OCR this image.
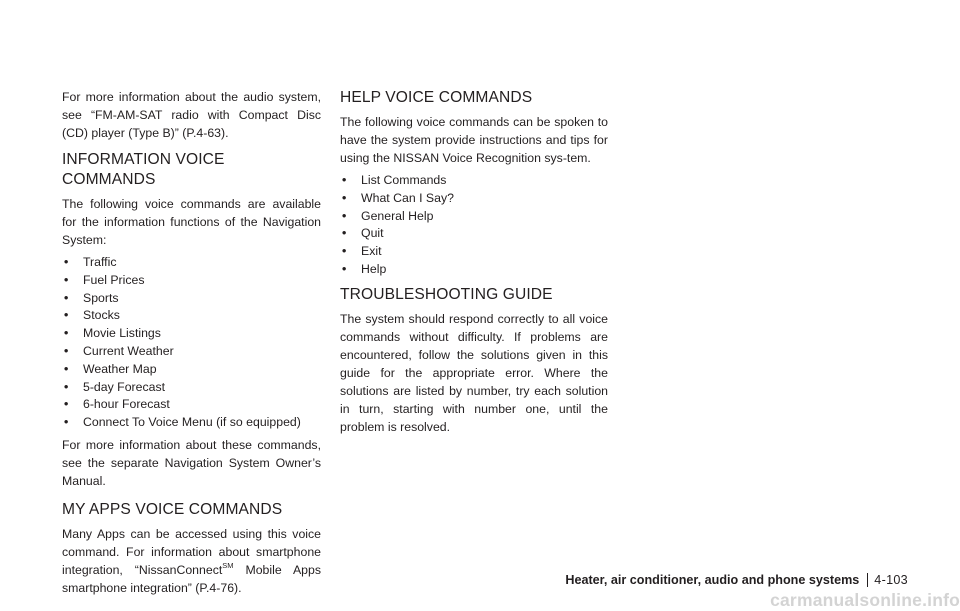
For more information about the audio system, see “FM-AM-SAT radio with Compact Disc (CD) player (Type B)” (P.4-63).

INFORMATION VOICE COMMANDS

The following voice commands are available for the information functions of the Navigation System:

• Traffic
• Fuel Prices
• Sports
• Stocks
• Movie Listings
• Current Weather
• Weather Map
• 5-day Forecast
• 6-hour Forecast
• Connect To Voice Menu (if so equipped)

For more information about these commands, see the separate Navigation System Owner’s Manual.

MY APPS VOICE COMMANDS

Many Apps can be accessed using this voice command. For information about smartphone integration, “NissanConnect℠ Mobile Apps smartphone integration” (P.4-76).

HELP VOICE COMMANDS

The following voice commands can be spoken to have the system provide instructions and tips for using the NISSAN Voice Recognition sys-tem.

• List Commands
• What Can I Say?
• General Help
• Quit
• Exit
• Help
TROUBLESHOOTING GUIDE

The system should respond correctly to all voice commands without difficulty. If problems are encountered, follow the solutions given in this guide for the appropriate error. Where the solutions are listed by number, try each solution in turn, starting with number one, until the problem is resolved.

Heater, air conditioner, audio and phone systems	4-103
carmanualsonline.info
